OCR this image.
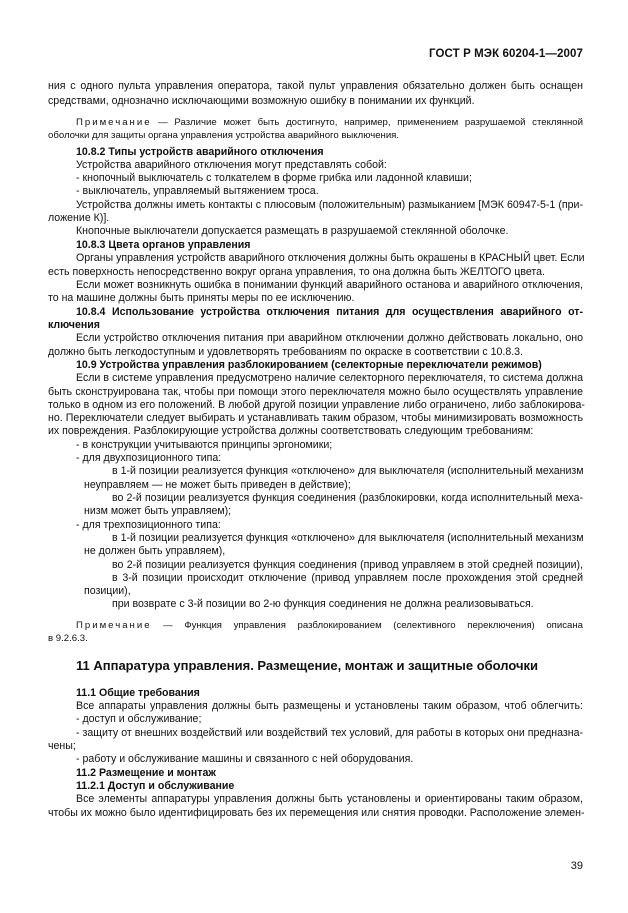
ГОСТ Р МЭК 60204-1—2007
ния с одного пульта управления оператора, такой пульт управления обязательно должен быть оснащен
средствами, однозначно исключающими возможную ошибку в понимании их функций.
Примечание — Различие может быть достигнуто, например, применением разрушаемой стеклянной
оболочки для защиты органа управления устройства аварийного выключения.
10.8.2 Типы устройств аварийного отключения
Устройства аварийного отключения могут представлять собой:
- кнопочный выключатель с толкателем в форме грибка или ладонной клавиши;
- выключатель, управляемый вытяжением троса.
Устройства должны иметь контакты с плюсовым (положительным) размыканием [МЭК 60947-5-1 (при-
ложение К)].
Кнопочные выключатели допускается размещать в разрушаемой стеклянной оболочке.
10.8.3 Цвета органов управления
Органы управления устройств аварийного отключения должны быть окрашены в КРАСНЫЙ цвет. Если
есть поверхность непосредственно вокруг органа управления, то она должна быть ЖЕЛТОГО цвета.
Если может возникнуть ошибка в понимании функций аварийного останова и аварийного отключения,
то на машине должны быть приняты меры по ее исключению.
10.8.4 Использование устройства отключения питания для осуществления аварийного от-
ключения
Если устройство отключения питания при аварийном отключении должно действовать локально, оно
должно быть легкодоступным и удовлетворять требованиям по окраске в соответствии с 10.8.3.
10.9 Устройства управления разблокированием (селекторные переключатели режимов)
Если в системе управления предусмотрено наличие селекторного переключателя, то система должна
быть сконструирована так, чтобы при помощи этого переключателя можно было осуществлять управление
только в одном из его положений. В любой другой позиции управление либо ограничено, либо заблокирова-
но. Переключатели следует выбирать и устанавливать таким образом, чтобы минимизировать возможность
их повреждения. Разблокирующие устройства должны соответствовать следующим требованиям:
- в конструкции учитываются принципы эргономики;
- для двухпозиционного типа:
в 1-й позиции реализуется функция «отключено» для выключателя (исполнительный механизм
неуправляем — не может быть приведен в действие);
во 2-й позиции реализуется функция соединения (разблокировки, когда исполнительный меха-
низм может быть управляем);
- для трехпозиционного типа:
в 1-й позиции реализуется функция «отключено» для выключателя (исполнительный механизм
не должен быть управляем),
во 2-й позиции реализуется функция соединения (привод управляем в этой средней позиции),
в 3-й позиции происходит отключение (привод управляем после прохождения этой средней
позиции),
при возврате с 3-й позиции во 2-ю функция соединения не должна реализовываться.
Примечание — Функция управления разблокированием (селективного переключения) описана
в 9.2.6.3.
11 Аппаратура управления. Размещение, монтаж и защитные оболочки
11.1 Общие требования
Все аппараты управления должны быть размещены и установлены таким образом, чтоб облегчить:
- доступ и обслуживание;
- защиту от внешних воздействий или воздействий тех условий, для работы в которых они предназна-
чены;
- работу и обслуживание машины и связанного с ней оборудования.
11.2 Размещение и монтаж
11.2.1 Доступ и обслуживание
Все элементы аппаратуры управления должны быть установлены и ориентированы таким образом,
чтобы их можно было идентифицировать без их перемещения или снятия проводки. Расположение элемен-
39
